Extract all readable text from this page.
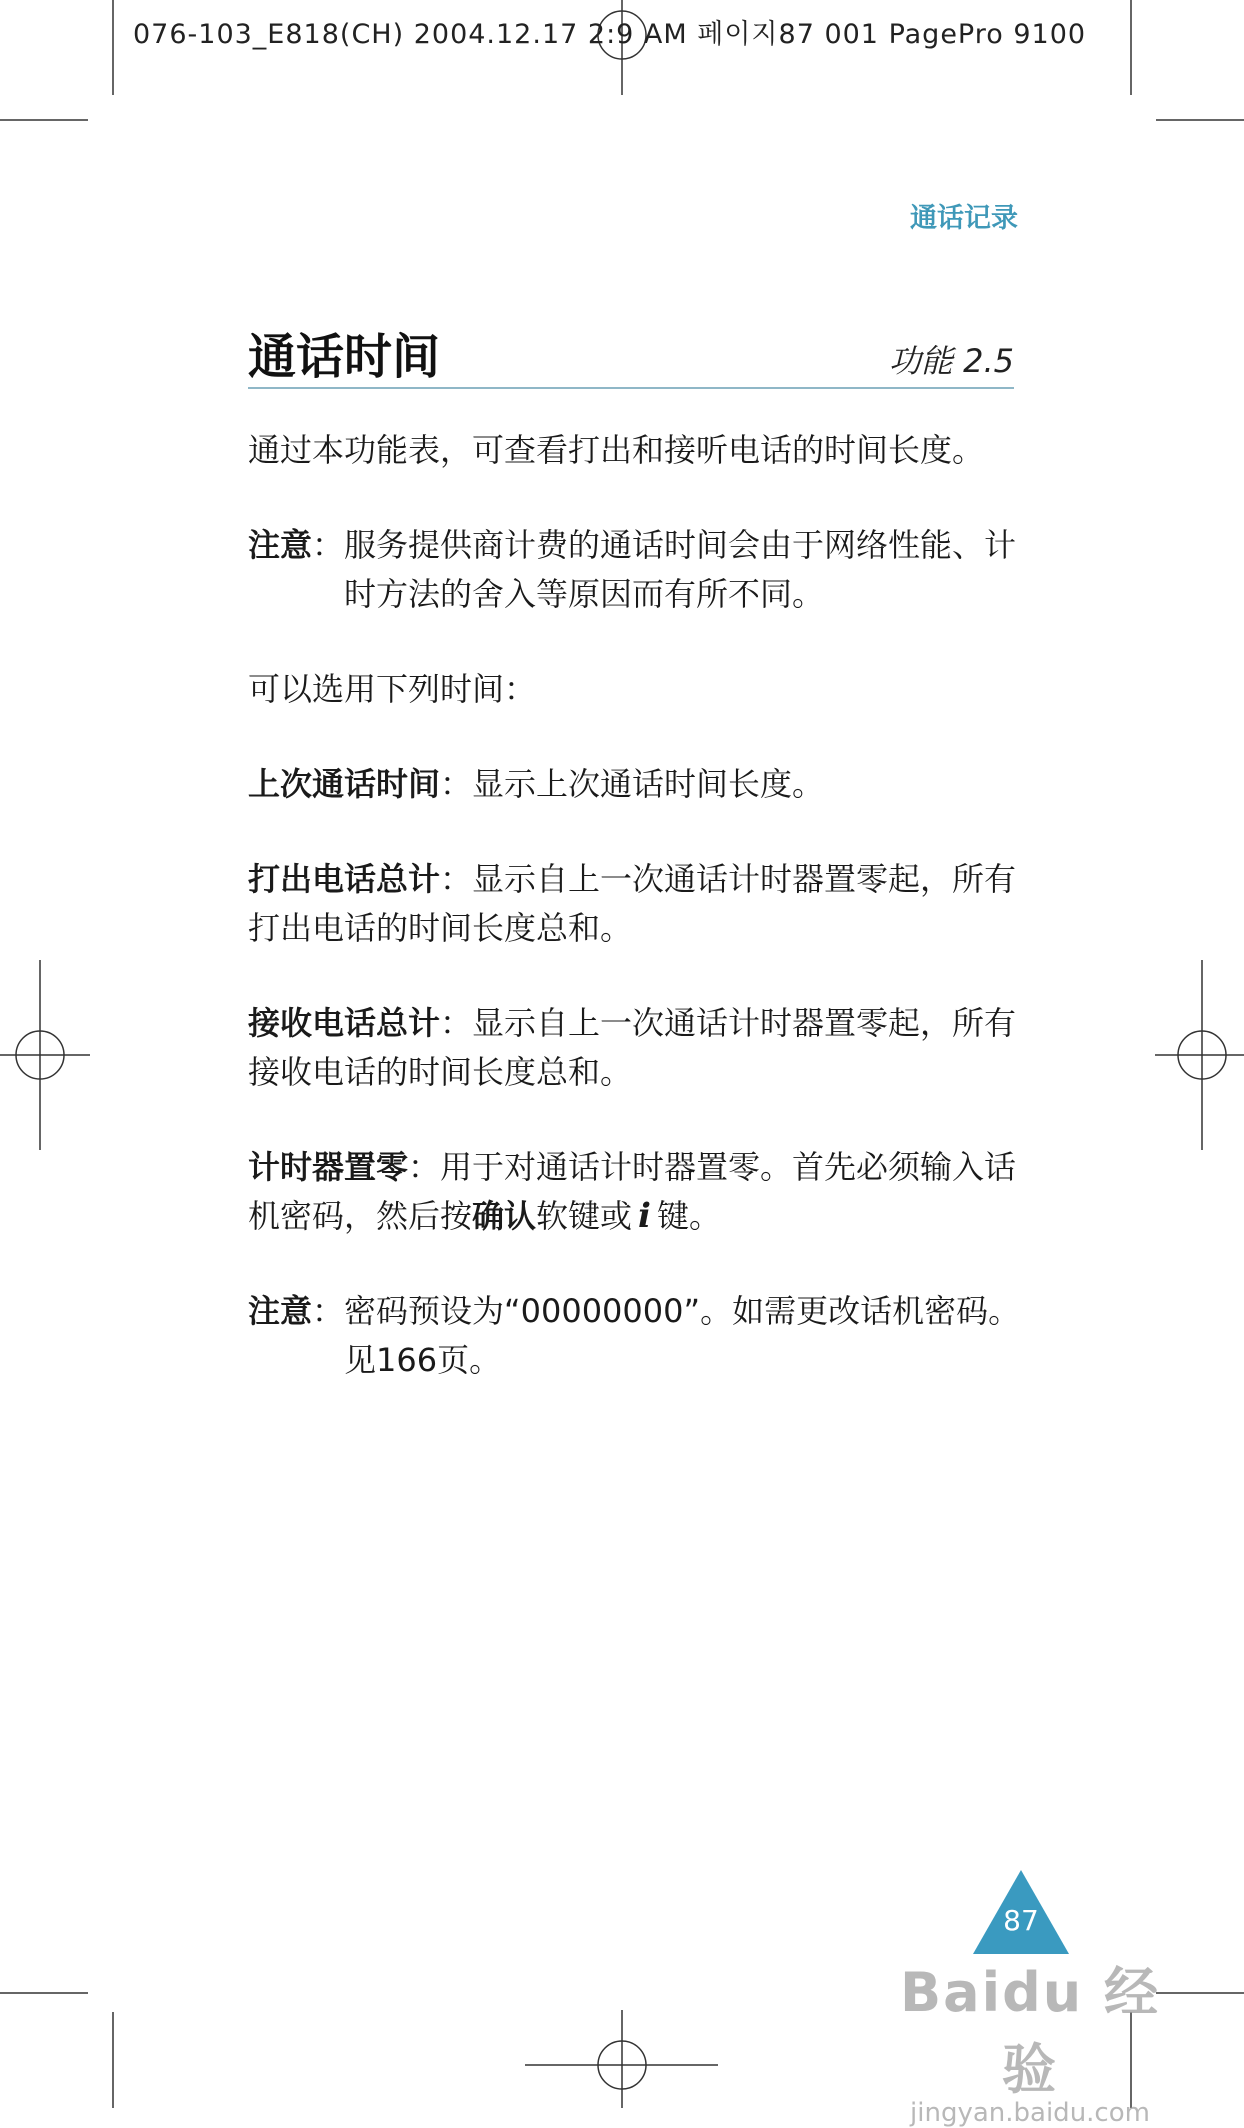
076-103_E818(CH) 2004.12.17 2:9 AM 페이지87 001 PagePro 9100
通话记录
通话时间	功能 2.5

通过本功能表，可查看打出和接听电话的时间长度。

注意 ： 服务提供商计费的通话时间会由于网络性能、计时方法的舍入等原因而有所不同。

可以选用下列时间：

上次通话时间：显示上次通话时间长度。

打出电话总计：显示自上一次通话计时器置零起，所有打出电话的时间长度总和。

接收电话总计：显示自上一次通话计时器置零起，所有接收电话的时间长度总和。

计时器置零：用于对通话计时器置零。首先必须输入话机密码，然后按确认软键或 i 键。

注意 ： 密码预设为“00000000”。如需更改话机密码。见166页。
87
Baidu 经验
jingyan.baidu.com
